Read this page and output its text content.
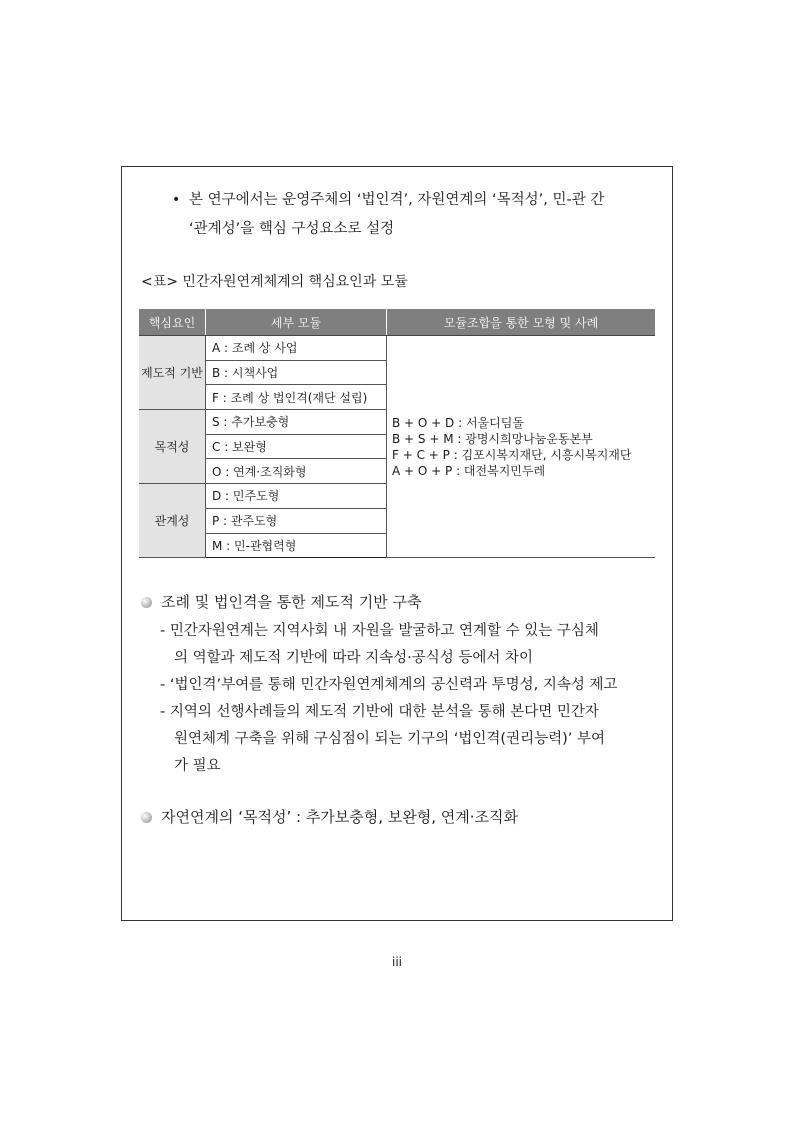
• 본 연구에서는 운영주체의 ‘법인격’, 자원연계의 ‘목적성’, 민-관 간
‘관계성’을 핵심 구성요소로 설정
<표> 민간자원연계체계의 핵심요인과 모듈
핵심요인	세부 모듈	모듈조합을 통한 모형 및 사례
제도적 기반	A : 조례 상 사업	B + O + D : 서울디딤돌
B + S + M : 광명시희망나눔운동본부
F + C + P : 김포시복지재단, 시흥시복지재단
A + O + P : 대전복지민두레

	B : 시책사업	
	F : 조례 상 법인격(재단 설립)	
목적성	S : 추가보충형	
	C : 보완형	
	O : 연계·조직화형	
관계성	D : 민주도형	
	P : 관주도형	
	M : 민-관협력형	
조례 및 법인격을 통한 제도적 기반 구축
- 민간자원연계는 지역사회 내 자원을 발굴하고 연계할 수 있는 구심체
의 역할과 제도적 기반에 따라 지속성·공식성 등에서 차이
- ‘법인격’부여를 통해 민간자원연계체계의 공신력과 투명성, 지속성 제고
- 지역의 선행사례들의 제도적 기반에 대한 분석을 통해 본다면 민간자
원연체계 구축을 위해 구심점이 되는 기구의 ‘법인격(권리능력)’ 부여
가 필요
자연연계의 ‘목적성’ : 추가보충형, 보완형, 연계·조직화
iii
